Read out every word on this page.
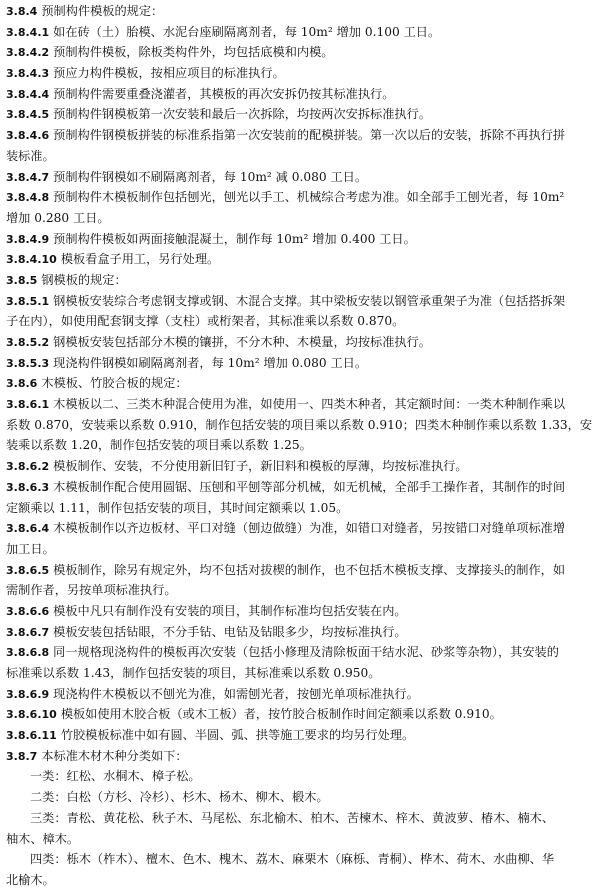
3.8.4 预制构件模板的规定：
3.8.4.1 如在砖（土）胎模、水泥台座刷隔离剂者，每 10m² 增加 0.100 工日。
3.8.4.2 预制构件模板，除板类构件外，均包括底模和内模。
3.8.4.3 预应力构件模板，按相应项目的标准执行。
3.8.4.4 预制构件需要重叠浇灌者，其模板的再次安拆仍按其标准执行。
3.8.4.5 预制构件钢模板第一次安装和最后一次拆除，均按两次安拆标准执行。
3.8.4.6 预制构件钢模板拼装的标准系指第一次安装前的配模拼装。第一次以后的安装，拆除不再执行拼
装标准。
3.8.4.7 预制构件钢模如不刷隔离剂者，每 10m² 减 0.080 工日。
3.8.4.8 预制构件木模板制作包括刨光，刨光以手工、机械综合考虑为准。如全部手工刨光者，每 10m²
增加 0.280 工日。
3.8.4.9 预制构件模板如两面接触混凝土，制作每 10m² 增加 0.400 工日。
3.8.4.10 模板看盒子用工，另行处理。
3.8.5 钢模板的规定：
3.8.5.1 钢模板安装综合考虑钢支撑或钢、木混合支撑。其中梁板安装以钢管承重架子为准（包括搭拆架
子在内），如使用配套钢支撑（支柱）或桁架者，其标准乘以系数 0.870。
3.8.5.2 钢模板安装包括部分木模的镶拼，不分木种、木模量，均按标准执行。
3.8.5.3 现浇构件钢模如刷隔离剂者，每 10m² 增加 0.080 工日。
3.8.6 木模板、竹胶合板的规定：
3.8.6.1 木模板以二、三类木种混合使用为准，如使用一、四类木种者，其定额时间：一类木种制作乘以
系数 0.870，安装乘以系数 0.910，制作包括安装的项目乘以系数 0.910；四类木种制作乘以系数 1.33，安
装乘以系数 1.20，制作包括安装的项目乘以系数 1.25。
3.8.6.2 模板制作、安装，不分使用新旧钉子，新旧料和模板的厚薄，均按标准执行。
3.8.6.3 木模板制作配合使用圆锯、压刨和平刨等部分机械，如无机械，全部手工操作者，其制作的时间
定额乘以 1.11，制作包括安装的项目，其时间定额乘以 1.05。
3.8.6.4 木模板制作以齐边板材、平口对缝（刨边做缝）为准，如错口对缝者，另按错口对缝单项标准增
加工日。
3.8.6.5 模板制作，除另有规定外，均不包括对拔楔的制作，也不包括木模板支撑、支撑接头的制作，如
需制作者，另按单项标准执行。
3.8.6.6 模板中凡只有制作没有安装的项目，其制作标准均包括安装在内。
3.8.6.7 模板安装包括钻眼，不分手钻、电钻及钻眼多少，均按标准执行。
3.8.6.8 同一规格现浇构件的模板再次安装（包括小修理及清除板面干结水泥、砂浆等杂物），其安装的
标准乘以系数 1.43，制作包括安装的项目，其标准乘以系数 0.950。
3.8.6.9 现浇构件木模板以不刨光为准，如需刨光者，按刨光单项标准执行。
3.8.6.10 模板如使用木胶合板（或木工板）者，按竹胶合板制作时间定额乘以系数 0.910。
3.8.6.11 竹胶模板标准中如有圆、半圆、弧、拱等施工要求的均另行处理。
3.8.7 本标准木材木种分类如下：
一类：红松、水桐木、樟子松。
二类：白松（方杉、冷杉）、杉木、杨木、柳木、椴木。
三类：青松、黄花松、秋子木、马尾松、东北榆木、柏木、苦楝木、梓木、黄波萝、椿木、楠木、
柚木、樟木。
四类：栎木（柞木）、檀木、色木、槐木、荔木、麻栗木（麻栎、青桐）、桦木、荷木、水曲柳、华
北榆木。
